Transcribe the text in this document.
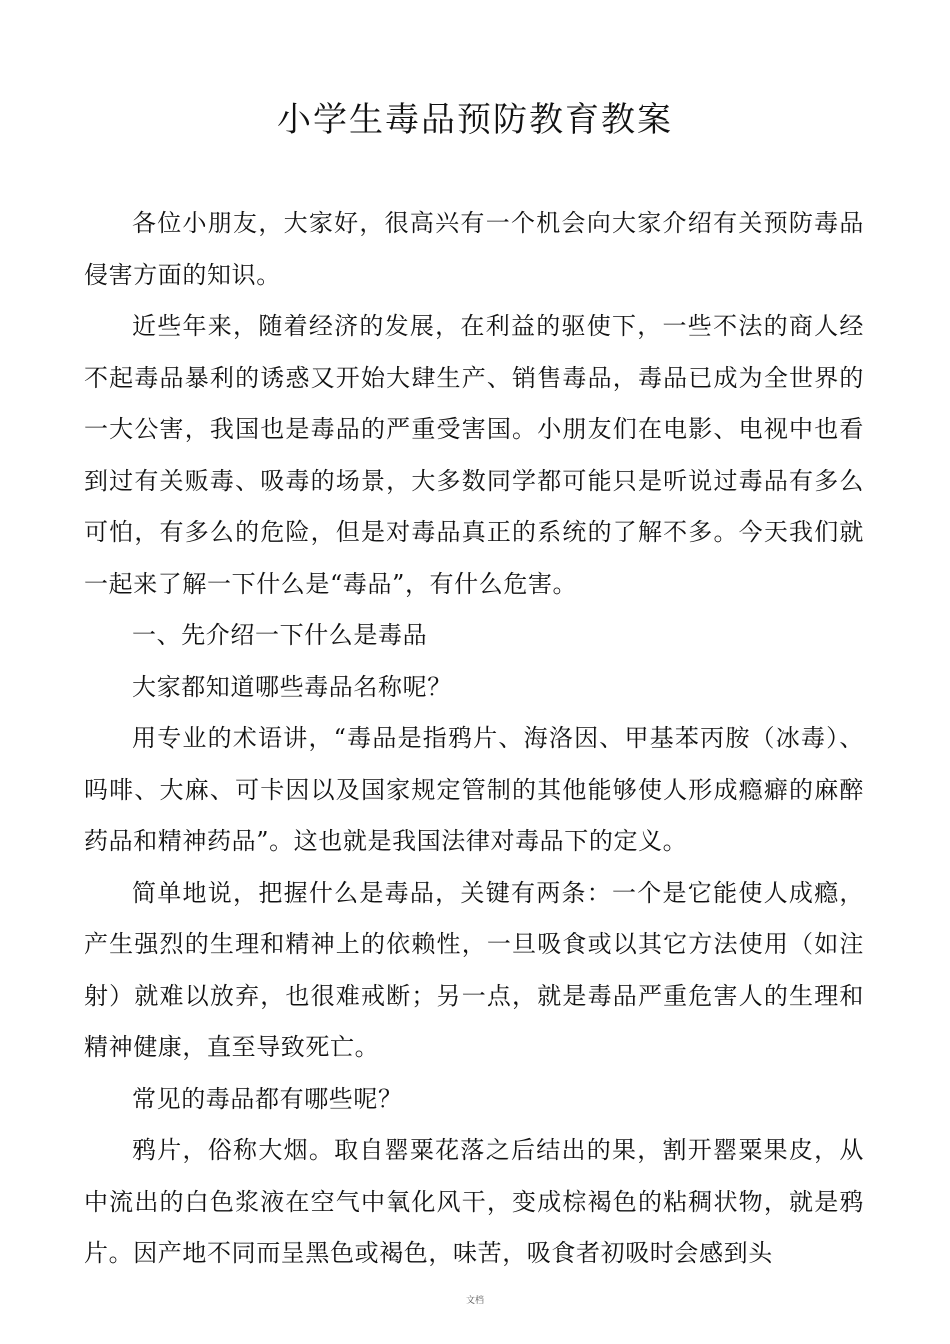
小学生毒品预防教育教案

各位小朋友，大家好，很高兴有一个机会向大家介绍有关预防毒品侵害方面的知识。

近些年来，随着经济的发展，在利益的驱使下，一些不法的商人经不起毒品暴利的诱惑又开始大肆生产、销售毒品，毒品已成为全世界的一大公害，我国也是毒品的严重受害国。小朋友们在电影、电视中也看到过有关贩毒、吸毒的场景，大多数同学都可能只是听说过毒品有多么可怕，有多么的危险，但是对毒品真正的系统的了解不多。今天我们就一起来了解一下什么是“毒品”，有什么危害。

一、先介绍一下什么是毒品

大家都知道哪些毒品名称呢？

用专业的术语讲，“毒品是指鸦片、海洛因、甲基苯丙胺（冰毒）、吗啡、大麻、可卡因以及国家规定管制的其他能够使人形成瘾癖的麻醉药品和精神药品”。这也就是我国法律对毒品下的定义。

简单地说，把握什么是毒品，关键有两条：一个是它能使人成瘾，产生强烈的生理和精神上的依赖性，一旦吸食或以其它方法使用（如注射）就难以放弃，也很难戒断；另一点，就是毒品严重危害人的生理和精神健康，直至导致死亡。

常见的毒品都有哪些呢？

鸦片，俗称大烟。取自罂粟花落之后结出的果，割开罂粟果皮，从中流出的白色浆液在空气中氧化风干，变成棕褐色的粘稠状物，就是鸦片。因产地不同而呈黑色或褐色，味苦，吸食者初吸时会感到头

文档
